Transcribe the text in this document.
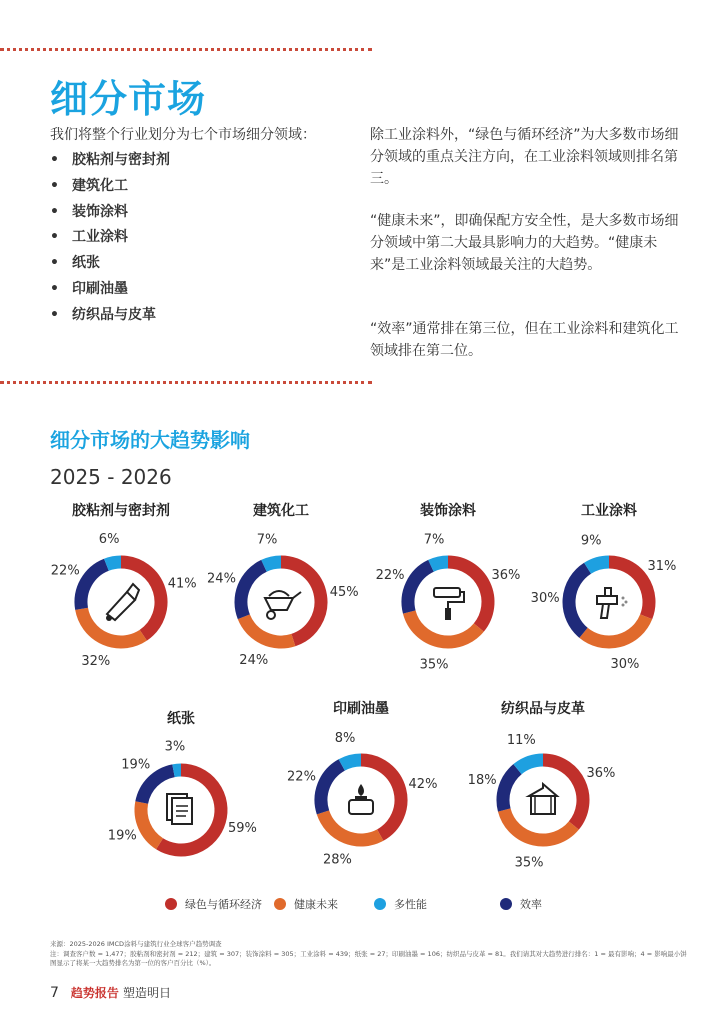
细分市场
我们将整个行业划分为七个市场细分领域：
• 胶粘剂与密封剂
• 建筑化工
• 装饰涂料
• 工业涂料
• 纸张
• 印刷油墨
• 纺织品与皮革

除工业涂料外，“绿色与循环经济”为大多数市场细分领域的重点关注方向，在工业涂料领域则排名第三。

“健康未来”，即确保配方安全性，是大多数市场细分领域中第二大最具影响力的大趋势。“健康未来”是工业涂料领域最关注的大趋势。

“效率”通常排在第三位，但在工业涂料和建筑化工领域排在第二位。

细分市场的大趋势影响
2025 - 2026
胶粘剂与密封剂
41%
32%
22%
6%
建筑化工
45%
24%
24%
7%
装饰涂料
36%
35%
22%
7%
工业涂料
31%
30%
30%
9%
纸张
59%
19%
19%
3%
印刷油墨
42%
28%
22%
8%
纺织品与皮革
36%
35%
18%
11%
绿色与循环经济	健康未来	多性能	效率
来源：2025-2026 IMCD涂料与建筑行业全球客户趋势调查
注：调查客户数 = 1,477；胶粘剂和密封剂 = 212；建筑 = 307；装饰涂料 = 305；工业涂料 = 439；纸张 = 27；印刷油墨 = 106；纺织品与皮革 = 81。我们请其对大趋势进行排名：1 = 最有影响；4 = 影响最小饼图显示了将某一大趋势排名为第一位的客户百分比（%）。
7 趋势报告 塑造明日
